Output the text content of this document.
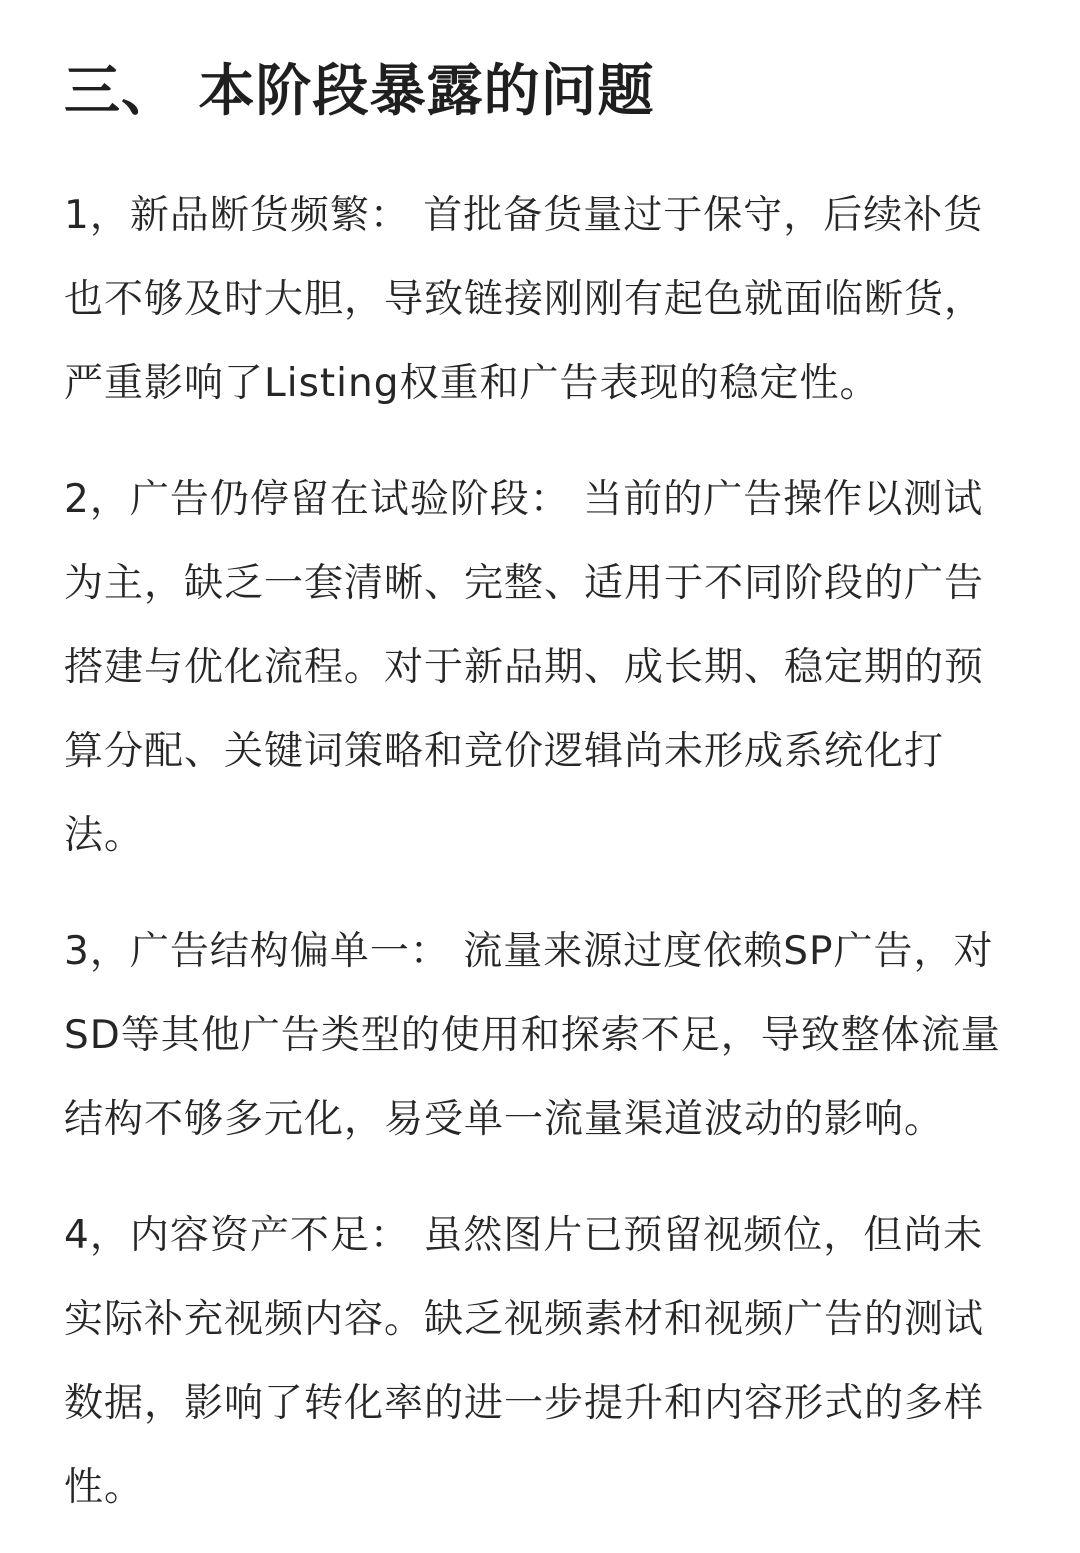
三、 本阶段暴露的问题

1，新品断货频繁： 首批备货量过于保守，后续补货也不够及时大胆，导致链接刚刚有起色就面临断货，严重影响了Listing权重和广告表现的稳定性。

2，广告仍停留在试验阶段： 当前的广告操作以测试为主，缺乏一套清晰、完整、适用于不同阶段的广告搭建与优化流程。对于新品期、成长期、稳定期的预算分配、关键词策略和竞价逻辑尚未形成系统化打法。

3，广告结构偏单一： 流量来源过度依赖SP广告，对SD等其他广告类型的使用和探索不足，导致整体流量结构不够多元化，易受单一流量渠道波动的影响。

4，内容资产不足： 虽然图片已预留视频位，但尚未实际补充视频内容。缺乏视频素材和视频广告的测试数据，影响了转化率的进一步提升和内容形式的多样性。
